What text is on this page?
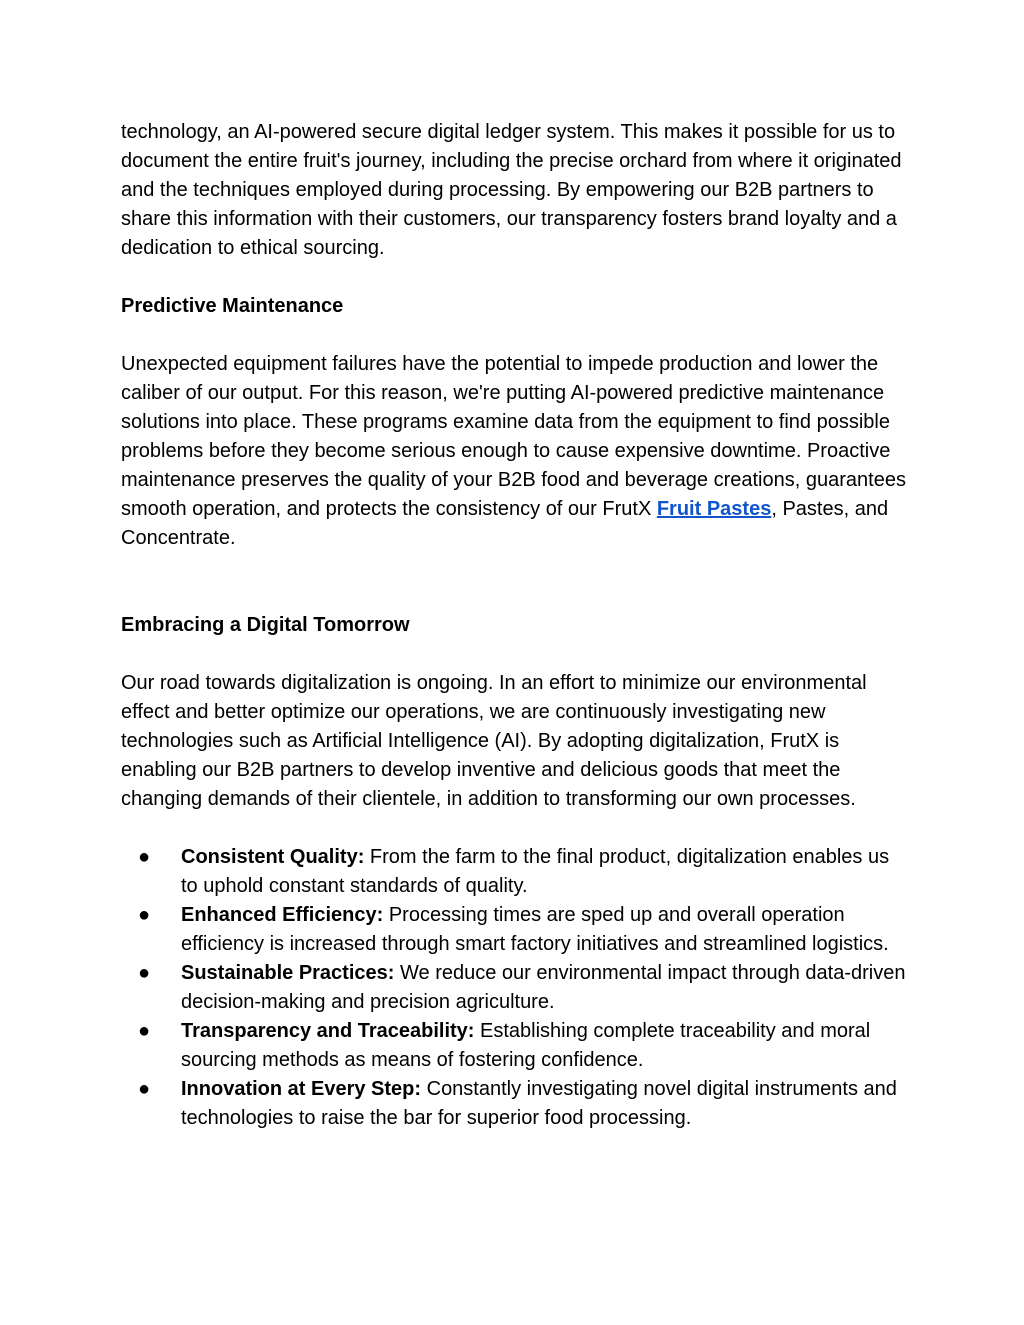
technology, an AI-powered secure digital ledger system. This makes it possible for us to document the entire fruit's journey, including the precise orchard from where it originated and the techniques employed during processing. By empowering our B2B partners to share this information with their customers, our transparency fosters brand loyalty and a dedication to ethical sourcing.

Predictive Maintenance

Unexpected equipment failures have the potential to impede production and lower the caliber of our output. For this reason, we're putting AI-powered predictive maintenance solutions into place. These programs examine data from the equipment to find possible problems before they become serious enough to cause expensive downtime. Proactive maintenance preserves the quality of your B2B food and beverage creations, guarantees smooth operation, and protects the consistency of our FrutX Fruit Pastes, Pastes, and Concentrate.

Embracing a Digital Tomorrow

Our road towards digitalization is ongoing. In an effort to minimize our environmental effect and better optimize our operations, we are continuously investigating new technologies such as Artificial Intelligence (AI). By adopting digitalization, FrutX is enabling our B2B partners to develop inventive and delicious goods that meet the changing demands of their clientele, in addition to transforming our own processes.

● Consistent Quality: From the farm to the final product, digitalization enables us to uphold constant standards of quality.
● Enhanced Efficiency: Processing times are sped up and overall operation efficiency is increased through smart factory initiatives and streamlined logistics.
● Sustainable Practices: We reduce our environmental impact through data-driven decision-making and precision agriculture.
● Transparency and Traceability: Establishing complete traceability and moral sourcing methods as means of fostering confidence.
● Innovation at Every Step: Constantly investigating novel digital instruments and technologies to raise the bar for superior food processing.
